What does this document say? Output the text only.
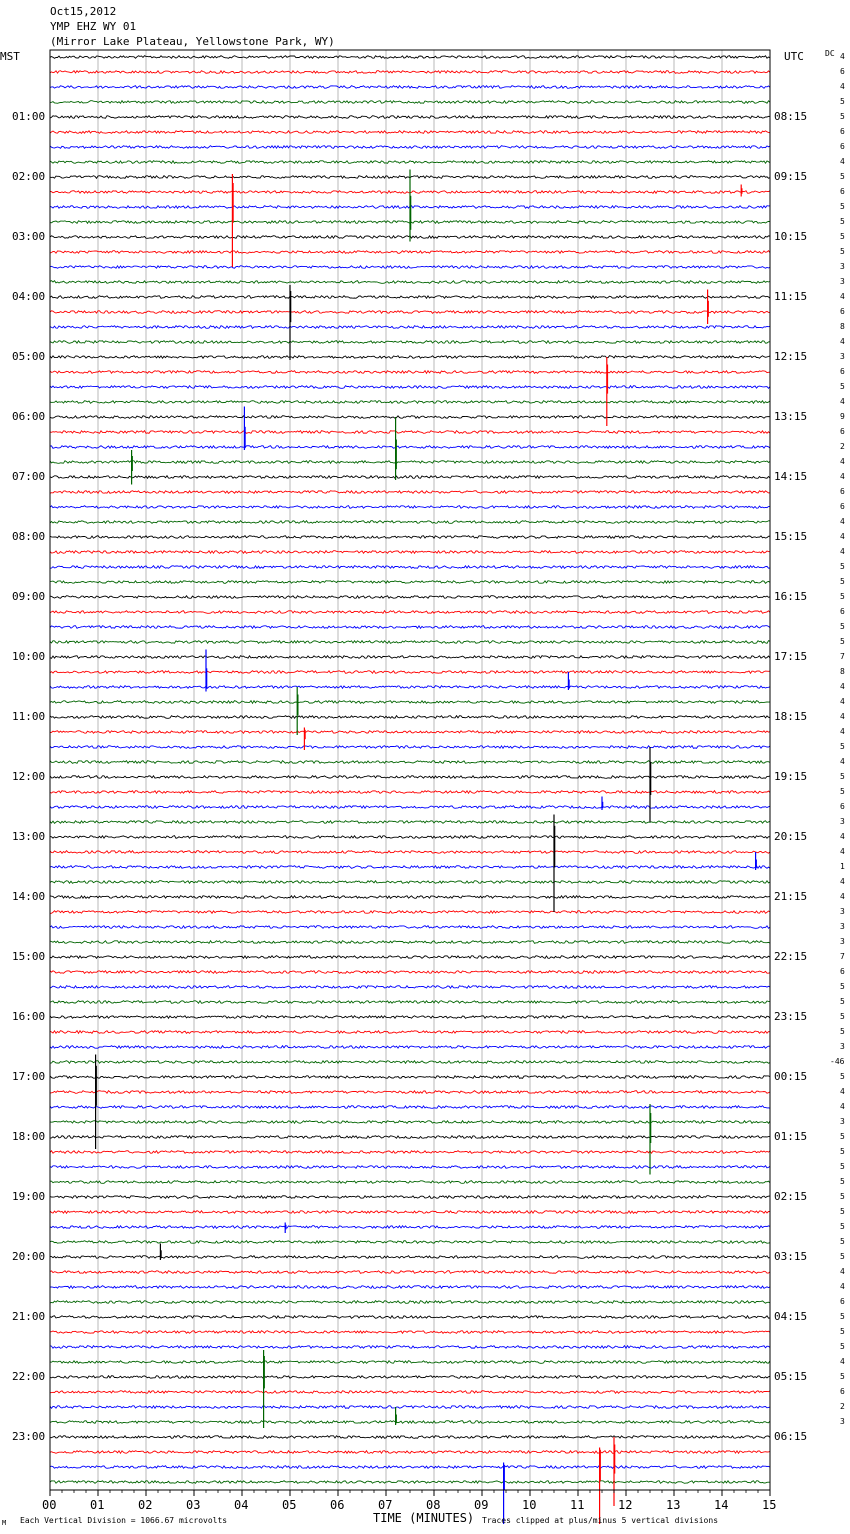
Oct15,2012
YMP EHZ WY 01
(Mirror Lake Plateau, Yellowstone Park, WY)
MST	UTC	DC
01:00
02:00
03:00
04:00
05:00
06:00
07:00
08:00
09:00
10:00
11:00
12:00
13:00
14:00
15:00
16:00
17:00
18:00
19:00
20:00
21:00
22:00
23:00
08:15
09:15
10:15
11:15
12:15
13:15
14:15
15:15
16:15
17:15
18:15
19:15
20:15
21:15
22:15
23:15
00:15
01:15
02:15
03:15
04:15
05:15
06:15
4
6
4
5
5
6
6
4
5
6
5
5
5
5
3
3
4
6
8
4
3
6
5
4
9
6
2
4
4
6
6
4
4
4
5
5
5
6
5
5
7
8
4
4
4
4
5
4
5
5
6
3
4
4
1
4
4
3
3
3
7
6
5
5
5
5
3
-46
5
4
4
3
5
5
5
5
5
5
5
5
5
4
4
6
5
5
5
4
5
6
2
3
00	01	02	03	04	05	06	07	08	09	10	11	12	13	14	15
TIME (MINUTES)
M Each Vertical Division = 1066.67 microvolts	Traces clipped at plus/minus 5 vertical divisions
